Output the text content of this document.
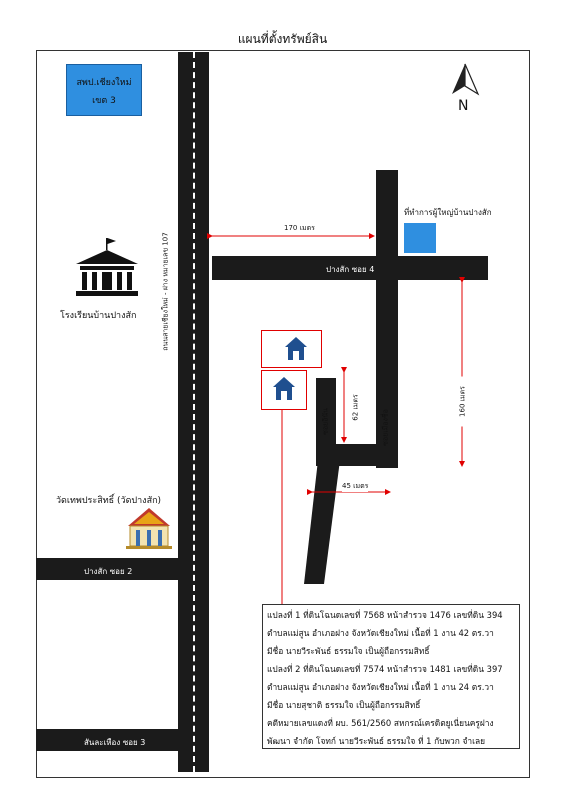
แผนที่ตั้งทรัพย์สิน
สพป.เชียงใหม่
เขต 3	N
ปางสัก ซอย 4
ปางสัก ซอย 2
สันละเหือง ซอย 3
ถนนสายเชียงใหม่ - ฝาง หมายเลข 107
ซอยอินัน	ซอยเมืองชื่อ
โรงเรียนบ้านปางสัก
วัดเทพประสิทธิ์ (วัดปางสัก)
ที่ทำการผู้ใหญ่บ้านปางสัก
170 เมตร
160 เมตร
62 เมตร
45 เมตร
แปลงที่ 1 ที่ดินโฉนดเลขที่ 7568 หน้าสำรวจ 1476 เลขที่ดิน 394
ตำบลแม่สูน อำเภอฝาง จังหวัดเชียงใหม่ เนื้อที่ 1 งาน 42 ตร.วา
มีชื่อ นายวีระพันธ์ ธรรมใจ เป็นผู้ถือกรรมสิทธิ์
แปลงที่ 2 ที่ดินโฉนดเลขที่ 7574 หน้าสำรวจ 1481 เลขที่ดิน 397
ตำบลแม่สูน อำเภอฝาง จังหวัดเชียงใหม่ เนื้อที่ 1 งาน 24 ตร.วา
มีชื่อ นายสุชาติ ธรรมใจ เป็นผู้ถือกรรมสิทธิ์
คดีหมายเลขแดงที่ ผบ. 561/2560 สหกรณ์เครดิตยูเนี่ยนครูฝาง
พัฒนา จำกัด โจทก์ นายวีระพันธ์ ธรรมใจ ที่ 1 กับพวก จำเลย
